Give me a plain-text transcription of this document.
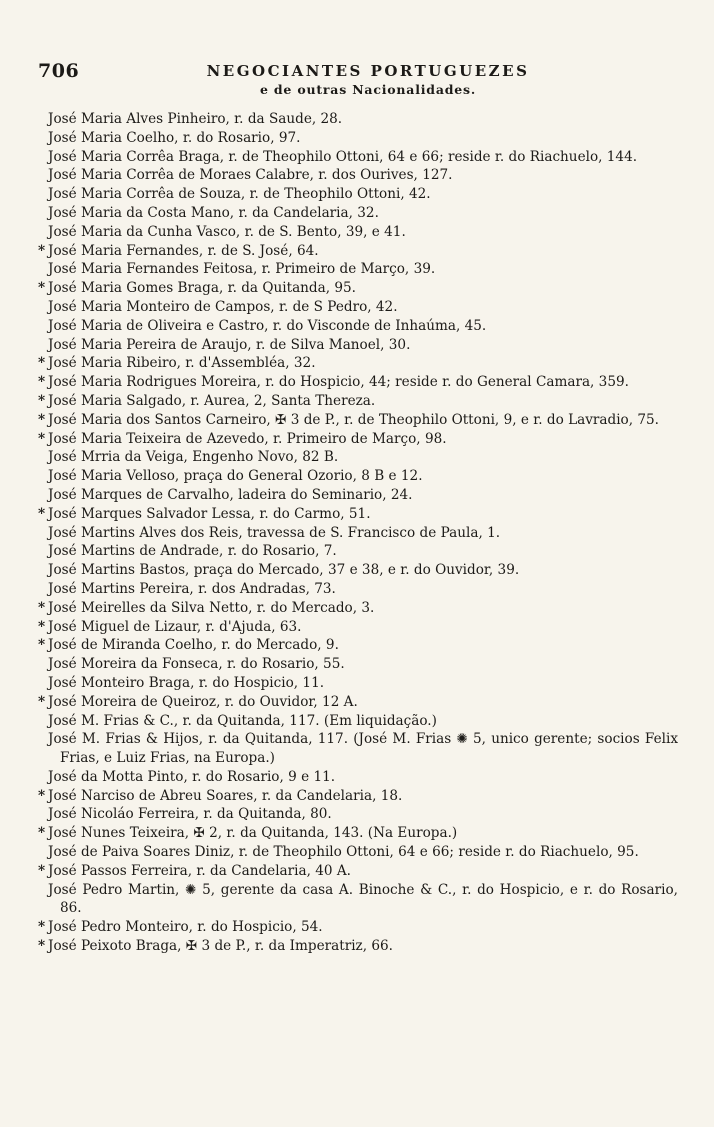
706	NEGOCIANTES PORTUGUEZES
e de outras Nacionalidades.
José Maria Alves Pinheiro, r. da Saude, 28.
José Maria Coelho, r. do Rosario, 97.
José Maria Corrêa Braga, r. de Theophilo Ottoni, 64 e 66; reside r. do Riachuelo, 144.
José Maria Corrêa de Moraes Calabre, r. dos Ourives, 127.
José Maria Corrêa de Souza, r. de Theophilo Ottoni, 42.
José Maria da Costa Mano, r. da Candelaria, 32.
José Maria da Cunha Vasco, r. de S. Bento, 39, e 41.
* José Maria Fernandes, r. de S. José, 64.
José Maria Fernandes Feitosa, r. Primeiro de Março, 39.
* José Maria Gomes Braga, r. da Quitanda, 95.
José Maria Monteiro de Campos, r. de S Pedro, 42.
José Maria de Oliveira e Castro, r. do Visconde de Inhaúma, 45.
José Maria Pereira de Araujo, r. de Silva Manoel, 30.
* José Maria Ribeiro, r. d'Assembléa, 32.
* José Maria Rodrigues Moreira, r. do Hospicio, 44; reside r. do General Camara, 359.
* José Maria Salgado, r. Aurea, 2, Santa Thereza.
* José Maria dos Santos Carneiro, ✠ 3 de P., r. de Theophilo Ottoni, 9, e r. do Lavradio, 75.
* José Maria Teixeira de Azevedo, r. Primeiro de Março, 98.
José Mrria da Veiga, Engenho Novo, 82 B.
José Maria Velloso, praça do General Ozorio, 8 B e 12.
José Marques de Carvalho, ladeira do Seminario, 24.
* José Marques Salvador Lessa, r. do Carmo, 51.
José Martins Alves dos Reis, travessa de S. Francisco de Paula, 1.
José Martins de Andrade, r. do Rosario, 7.
José Martins Bastos, praça do Mercado, 37 e 38, e r. do Ouvidor, 39.
José Martins Pereira, r. dos Andradas, 73.
* José Meirelles da Silva Netto, r. do Mercado, 3.
* José Miguel de Lizaur, r. d'Ajuda, 63.
* José de Miranda Coelho, r. do Mercado, 9.
José Moreira da Fonseca, r. do Rosario, 55.
José Monteiro Braga, r. do Hospicio, 11.
* José Moreira de Queiroz, r. do Ouvidor, 12 A.
José M. Frias & C., r. da Quitanda, 117. (Em liquidação.)
José M. Frias & Hijos, r. da Quitanda, 117. (José M. Frias ✺ 5, unico gerente; socios Felix Frias, e Luiz Frias, na Europa.)
José da Motta Pinto, r. do Rosario, 9 e 11.
* José Narciso de Abreu Soares, r. da Candelaria, 18.
José Nicoláo Ferreira, r. da Quitanda, 80.
* José Nunes Teixeira, ✠ 2, r. da Quitanda, 143. (Na Europa.)
José de Paiva Soares Diniz, r. de Theophilo Ottoni, 64 e 66; reside r. do Riachuelo, 95.
* José Passos Ferreira, r. da Candelaria, 40 A.
José Pedro Martin, ✺ 5, gerente da casa A. Binoche & C., r. do Hospicio, e r. do Rosario, 86.
* José Pedro Monteiro, r. do Hospicio, 54.
* José Peixoto Braga, ✠ 3 de P., r. da Imperatriz, 66.
